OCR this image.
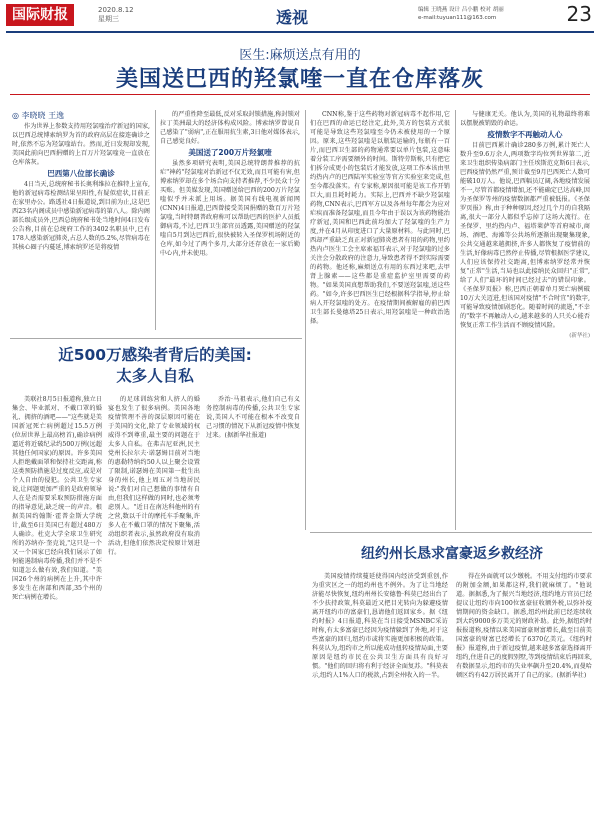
国际财报	2020.8.12
星期三	透视	编辑 王晓燕 设计 吕小鹏 校对 胡丽
e-mail:tuyuan111@163.com	23
医生:麻烦送点有用的
美国送巴西的羟氯喹一直在仓库落灰
◎ 李晓晓 王逸

作为世界上参数支持用羟氯喹治疗新冠的国家,以巴西总统博索纳罗为首的政府高层在接连确诊之时,依然不忘为羟氯喹站台。然而,近日发现却发现,美国此前向巴西捐赠的上百万片羟氯喹竟一直放在仓库落灰。

巴西第八位部长确诊

4日当天,总统府秘书长奥利维拉在推特上宣布,他的新冠病毒检测结果呈阳性,有疑似症状,目前正在家里办公。路透社4日报道说,到目前为止,这是巴西23名内阁成员中感染新冠病毒的第八人。除内阁部长级成员外,巴西总统府秘书处当地时间4日发布公告称,目前在总统府工作的3402名职员中,已有178人感染新冠肺炎,占总人数的5.2%,尽管病毒在其核心圈子内蔓延,博索纳罗还是将疫情

的严重性降至最低,反对采取封锁措施,称封锁对拉丁美洲最大的经济体构成风险。博索纳罗曾说自己感染了"弱病",正在服用抗生素,3日他对媒体表示,自己感觉良好。

美国送了200万片羟氯喹

虽然多项研究表明,美国总统特朗普推荐的抗疟"神药"羟氯喹对治新冠不仅无效,而且可能有害,但博索纳罗却在多个场合向支持者推荐,不少民众十分买账。但美媒发现,美国赠送给巴西的200万片羟氯喹似乎并未派上用场。据美国有线电视新闻网(CNN)4日报道,巴西曾接受美国捐赠的数百万片羟氯喹,当时特朗普政府称可以帮助巴西的医护人员抵御病毒,不过,巴西卫生部官员透露,美国赠送的羟氯喹自5月到达巴西后,很快被转入圣保罗机场附近的仓库,如今过了两个多月,大部分还存放在一家后勤中心内,并未使用。

CNN称,鉴于这些药物对新冠病毒不起作用,它们在巴西的命运已经注定,此外,美方的包装方式很可能是导致这些羟氯喹至今仍未被使用的一个原因。原来,这些羟氯喹是以瓶装运输的,每瓶有一百片,而巴西卫生部的药物通常要以单片包装,这意味着分装工序需要额外的时间。斯特劳斯称,只有把它们拆分成更小的包装后才能发放,这项工作本该由里约热内卢的巴西陆军实验室等官方实验室来完成,但至今都没落实。有专家称,原因很可能是该工作开销巨大,而且耗时耗力。实际上,巴西并不缺少羟氯喹药物,CNN表示,巴西军方以及各州每年都会为应对疟疾而准备羟氯喹,而且今年由于误以为该药物能治疗新冠,美国和巴西此前均加大了羟氯喹的生产力度,并在4月从印度进口了大量原材料。与此同时,巴西却严重缺乏真正对新冠肺炎患者有用的药物,里约热内卢医生工会主席索福耳表示,对于羟氯喹的过多关注会分散政府的注意力,导致患者得不到实际需要的药物。他还称,麻烦送点有用的东西过来吧,去甲肾上腺素——这些都是重症监护室里需要的药物。"如果美国真想帮助我们,不要送羟氯喹,送这些药。"如今,许多巴西医生已经根据科学指导,停止给病人开羟氯喹的处方。在疫情期间被解雇的前巴西卫生部长曼德塔25日表示,用羟氯喹是一种政治选择。

与健康无关。他认为,美国的礼物最终将难以摆脱被销毁的命运。

疫情数字不再触动人心

目前巴西累计确诊280多万例,累计死亡人数升至9.6万余人,两项数字均位列世界第二,近来卫生组织传染病部门主任埃斯范克斯6日表示,巴西疫情仍然严重,预计截至9月巴西死亡人数可能破10万人。他说,巴西幅员辽阔,各地疫情发展不一,尽管首都疫情增加,还不能确定已达高峰,因为圣保罗等州的疫情数据都严重被低报。《圣保罗页报》称,由于种种原因,经过几个月的自我隔离,很大一部分人都似乎忘掉了这场大流行。在圣保罗、里约热内卢、福塔莱萨等首府城市,商场、酒吧、海滩等公共场所逐渐出现聚集现象,公共交通越来越拥挤,许多人都恢复了疫情前的生活,好像病毒已然停止传播,尽管根据医学建议,人们应该保持社交距离,但博索纳罗经常并恢复"正常"生活,当局也以此接纳民众回归"正常",给了人们"最坏的时间已经过去"的错误印象。《圣保罗页报》称,巴西正朝着单月死亡病例破10万大关迈进,但该国对疫情"不合时宜"的数字,可能导致疫情加剧恶化。随着时间的流逝,"不幸的"数字不再触动人心,越来越多的人只关心能否恢复正常工作生活而不顾疫情风险。

(新华社)
近500万感染者背后的美国:
太多人自私

美联社8月5日报道称,独立日集会、毕业派对、不戴口罩的婚礼、拥挤的酒吧——"这些就是美国新冠死亡病例超过15.5万例(位居世界上最高榜首),确诊病例逼近将近破纪录约500万例(远超其他任何国家)的原因。许多美国人拒绝戴面罩和保持社交距离,称这类预防措施是过度反应,或是对个人自由的侵犯。公共卫生专家说,让问题更加严重的是政府领导人在是否需要采取预防措施方面的指导意见,缺乏统一的声音。根据美国约翰斯·霍普金斯大学统计,截至6日美国已有超过480万人确诊。杜克大学全球卫生研究所的苏纳亦·奎克说,"这只是一个又一个国家已经向我们展示了如何能遏制病毒传播,我们并不是不知道怎么做有效,我们知道。"美国26个州的病例在上升,其中许多发生在南部和西部,35个州的死亡病例在增长。

的足球训练营和人挤人的婚宴也发生了很多病例。美国各地疫情管理不善的深层原因可能在于美国的文化,除了专业领域的权威得不到尊重,最主要的问题在于太多人自私。在弗吉尼亚洲,民主党州长拉尔夫·诺瑟姆目前对当地的惠勒特纳约50人以上聚会设置了限制,诺瑟姆在美国第一批生出身的州长,他上周五对当地居民说:"我们对自己想做的事情有自由,但我们这样做的同时,也必须考虑别人。"近日在南达科他州的有之营,数以千计的摩托车手聚集,许多人在不戴口罩的情况下聚集,活动组织者表示,虽然政府没有取消活动,但他们依然决定按原计划进行。

乔治·马祖表示,他们自己有义务控制病毒的传播,公共卫生专家说,美国人不可能在根本不改变自己习惯的情况下从新冠疫情中恢复过来。(据新华社报道)

纽约州长恳求富豪返乡救经济

美国疫情持续蔓延使得国内经济受到重创,作为重灾区之一的纽约州也不例外。为了让当地经济能尽快恢复,纽约州州长安德鲁·科莫已经出台了不少扶持政策,科莫最近又把目光转向为躲避疫情离开纽约市的富豪们,恳请他们返回家乡。据《纽约时报》4日报道,科莫在当日接受MSNBC采访时称,有太多富豪已经因为疫情躲到了外地,对于这些富豪的回归,纽约市或将实施更加积极的政策。科莫认为,纽约市之所以能成功扭转疫情局面,主要原因是纽约市民在公共卫生方面具有良好习惯。"他们的回归将有利于经济全面复苏。"科莫表示,纽约人1%人口的税款,占到全州收入的一半。

得在外面就可以少缴税。不用支付纽约市要求的附加金额,如果都这样,我们就麻烦了。"他说道。据据悉,为了振兴当地经济,纽约地方官员已经提议让纽约市向100位富豪征收额外税,以弥补疫情期间的资金缺口。据悉,纽约州此前已经连续收到大约9000多万美元的财政补助。此外,据纽约时报报道称,疫情以来美国富豪财富增长,截至目前美国富豪的财富已经增长了6370亿美元。《纽约时报》报道称,由于新冠疫情,越来越多富豪选择离开纽约,住进自己的度假别墅,等到疫情结束后再回来,有数据显示,纽约市的失业率飙升至20.4%,而曼哈顿区约有42万居民离开了自己的家。(据新华社)
